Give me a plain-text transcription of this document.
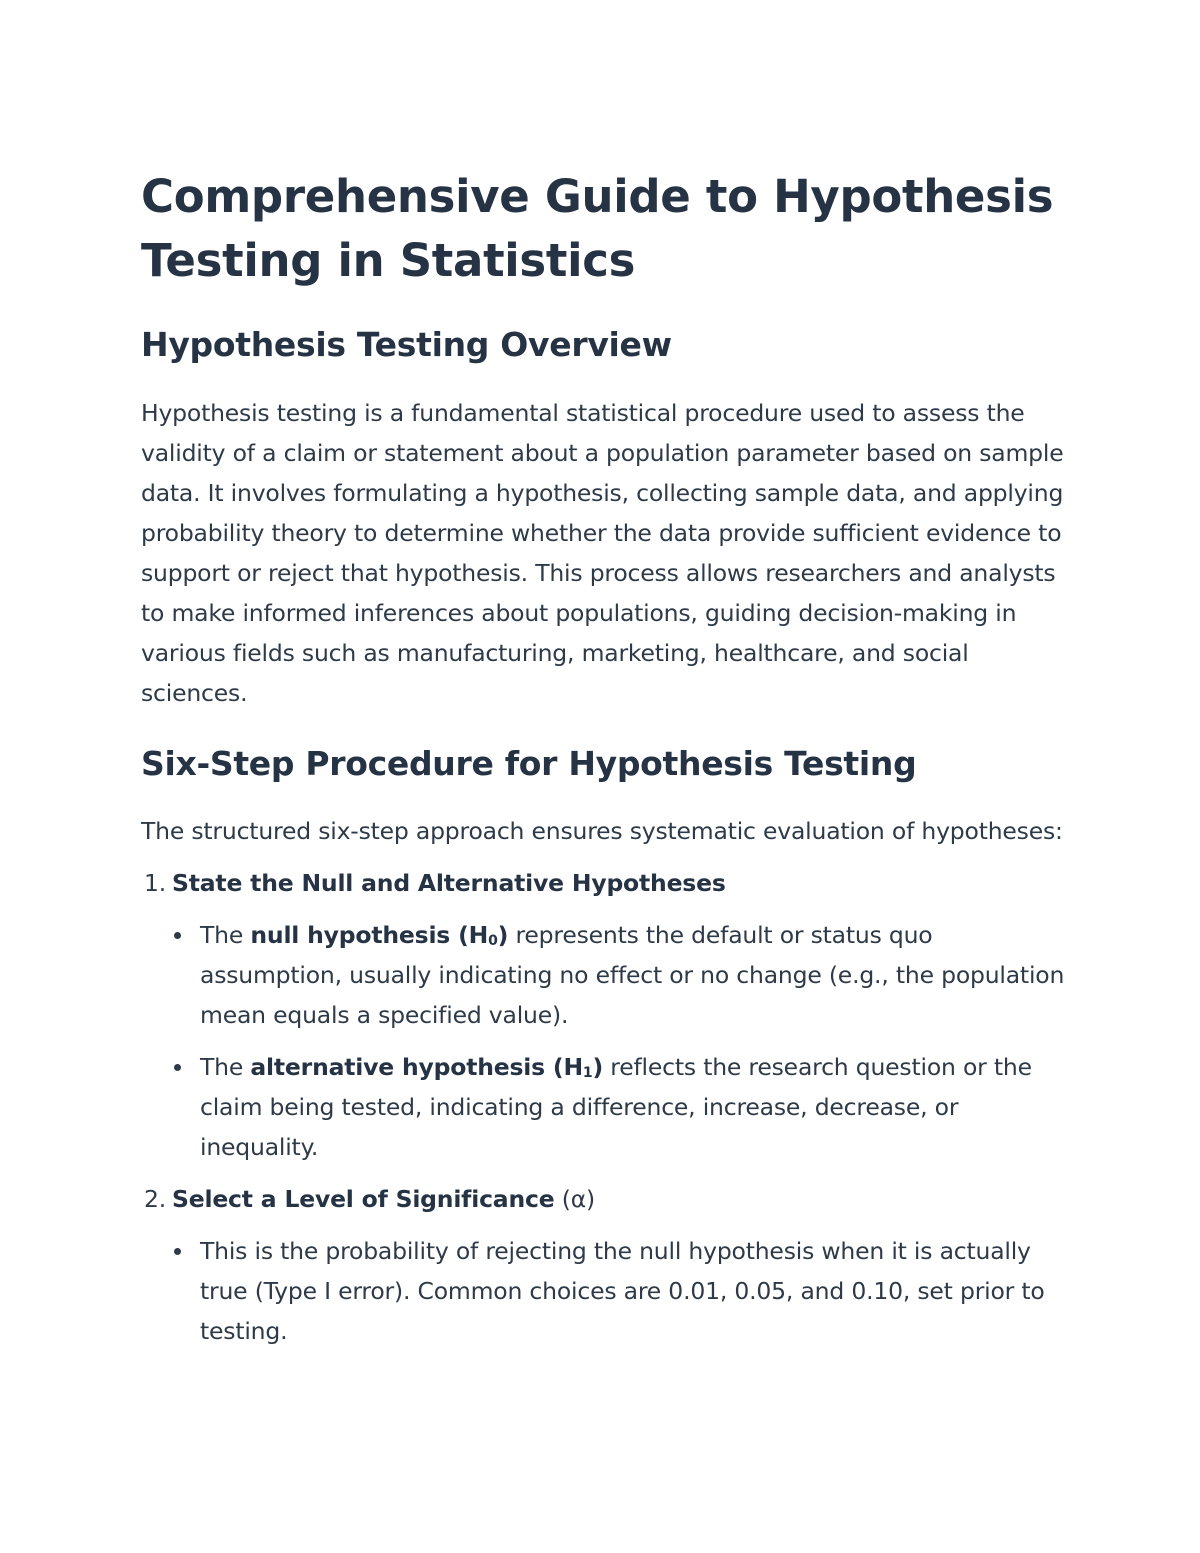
Comprehensive Guide to Hypothesis Testing in Statistics
Hypothesis Testing Overview

Hypothesis testing is a fundamental statistical procedure used to assess the validity of a claim or statement about a population parameter based on sample data. It involves formulating a hypothesis, collecting sample data, and applying probability theory to determine whether the data provide sufficient evidence to support or reject that hypothesis. This process allows researchers and analysts to make informed inferences about populations, guiding decision-making in various fields such as manufacturing, marketing, healthcare, and social sciences.

Six-Step Procedure for Hypothesis Testing

The structured six-step approach ensures systematic evaluation of hypotheses:

1. State the Null and Alternative Hypotheses
The null hypothesis $(H_0)$ represents the default or status quo assumption, usually indicating no effect or no change (e.g., the population mean equals a specified value).
The alternative hypothesis $(H_1)$ reflects the research question or the claim being tested, indicating a difference, increase, decrease, or inequality.
2. Select a Level of Significance (α)
This is the probability of rejecting the null hypothesis when it is actually true (Type I error). Common choices are 0.01, 0.05, and 0.10, set prior to testing.
